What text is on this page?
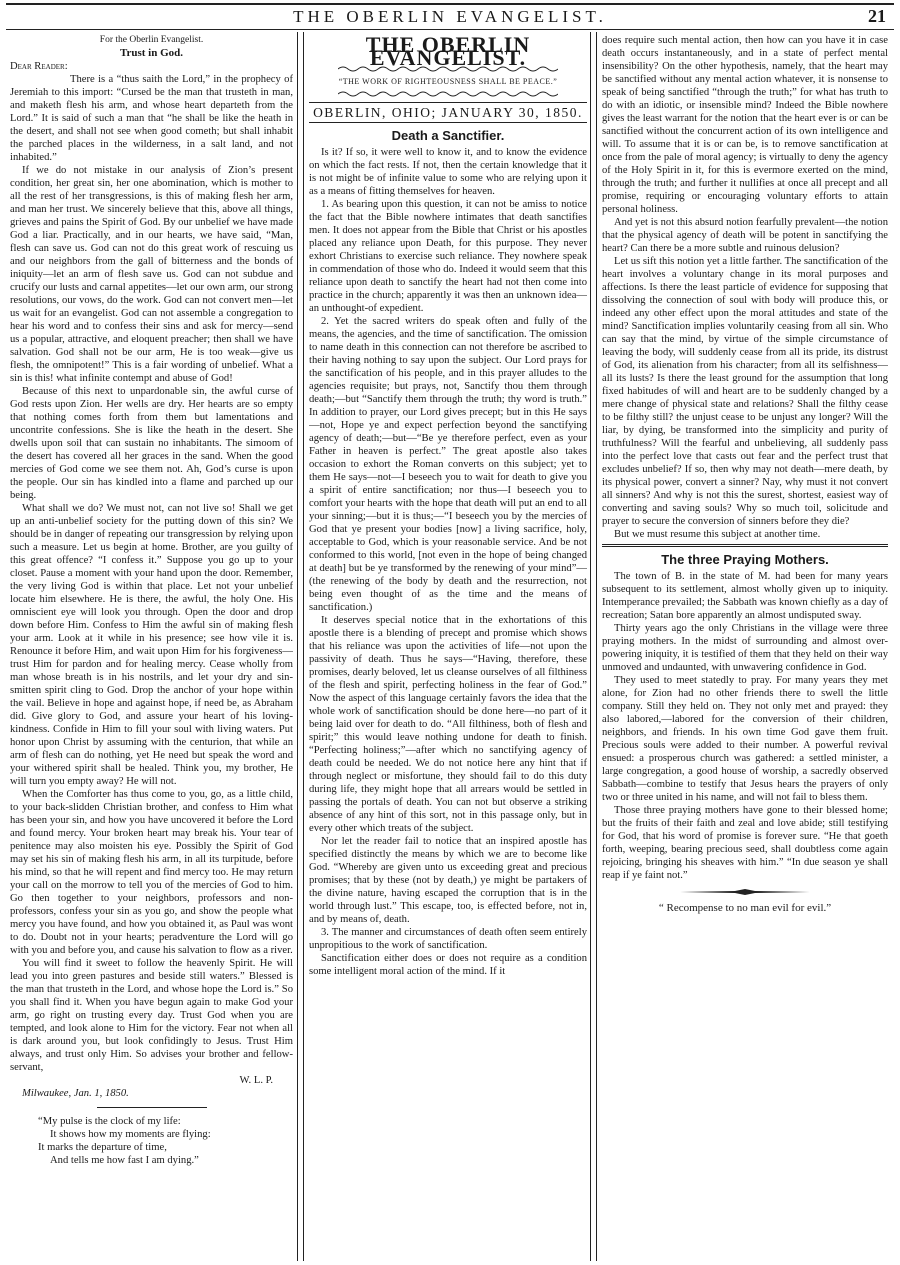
THE OBERLIN EVANGELIST.	21

For the Oberlin Evangelist.

Trust in God.

Dear Reader:

There is a “thus saith the Lord,” in the prophecy of Jeremiah to this import: “Cursed be the man that trusteth in man, and maketh flesh his arm, and whose heart departeth from the Lord.” It is said of such a man that “he shall be like the heath in the desert, and shall not see when good cometh; but shall inhabit the parched places in the wilderness, in a salt land, and not inhabited.”

If we do not mistake in our analysis of Zion’s present condition, her great sin, her one abomination, which is mother to all the rest of her transgressions, is this of making flesh her arm, and man her trust. We sincerely believe that this, above all things, grieves and pains the Spirit of God. By our unbelief we have made God a liar. Practically, and in our hearts, we have said, “Man, flesh can save us. God can not do this great work of rescuing us and our neighbors from the gall of bitterness and the bonds of iniquity—let an arm of flesh save us. God can not subdue and crucify our lusts and carnal appetites—let our own arm, our strong resolutions, our vows, do the work. God can not convert men—let us wait for an evangelist. God can not assemble a congregation to hear his word and to confess their sins and ask for mercy—send us a popular, attractive, and eloquent preacher; then shall we have salvation. God shall not be our arm, He is too weak—give us flesh, the omnipotent!” This is a fair wording of unbelief. What a sin is this! what infinite contempt and abuse of God!

Because of this next to unpardonable sin, the awful curse of God rests upon Zion. Her wells are dry. Her hearts are so empty that nothing comes forth from them but lamentations and uncontrite confessions. She is like the heath in the desert. She dwells upon soil that can sustain no inhabitants. The simoom of the desert has covered all her graces in the sand. When the good mercies of God come we see them not. Ah, God’s curse is upon the people. Our sin has kindled into a flame and parched up our being.

What shall we do? We must not, can not live so! Shall we get up an anti-unbelief society for the putting down of this sin? We should be in danger of repeating our transgression by relying upon such a measure. Let us begin at home. Brother, are you guilty of this great offence? “I confess it.” Suppose you go up to your closet. Pause a moment with your hand upon the door. Remember, the very living God is within that place. Let not your unbelief locate him elsewhere. He is there, the awful, the holy One. His omniscient eye will look you through. Open the door and drop down before Him. Confess to Him the awful sin of making flesh your arm. Look at it while in his presence; see how vile it is. Renounce it before Him, and wait upon Him for his forgiveness—trust Him for pardon and for healing mercy. Cease wholly from man whose breath is in his nostrils, and let your dry and sin-smitten spirit cling to God. Drop the anchor of your hope within the vail. Believe in hope and against hope, if need be, as Abraham did. Give glory to God, and assure your heart of his loving-kindness. Confide in Him to fill your soul with living waters. Put honor upon Christ by assuming with the centurion, that while an arm of flesh can do nothing, yet He need but speak the word and your withered spirit shall be healed. Think you, my brother, He will turn you empty away? He will not.

When the Comforter has thus come to you, go, as a little child, to your back-slidden Christian brother, and confess to Him what has been your sin, and how you have uncovered it before the Lord and found mercy. Your broken heart may break his. Your tear of penitence may also moisten his eye. Possibly the Spirit of God may set his sin of making flesh his arm, in all its turpitude, before his mind, so that he will repent and find mercy too. He may return your call on the morrow to tell you of the mercies of God to him. Go then together to your neighbors, professors and non-professors, confess your sin as you go, and show the people what mercy you have found, and how you obtained it, as Paul was wont to do. Doubt not in your hearts; peradventure the Lord will go with you and before you, and cause his salvation to flow as a river.

You will find it sweet to follow the heavenly Spirit. He will lead you into green pastures and beside still waters.” Blessed is the man that trusteth in the Lord, and whose hope the Lord is.” So you shall find it. When you have begun again to make God your arm, go right on trusting every day. Trust God when you are tempted, and look alone to Him for the victory. Fear not when all is dark around you, but look confidingly to Jesus. Trust Him always, and trust only Him. So advises your brother and fellow-servant,

W. L. P.

Milwaukee, Jan. 1, 1850.

“My pulse is the clock of my life:

It shows how my moments are flying:

It marks the departure of time,

And tells me how fast I am dying.”

THE OBERLIN EVANGELIST.
“THE WORK OF RIGHTEOUSNESS SHALL BE PEACE.”
OBERLIN, OHIO; JANUARY 30, 1850.
Death a Sanctifier.

Is it? If so, it were well to know it, and to know the evidence on which the fact rests. If not, then the certain knowledge that it is not might be of infinite value to some who are relying upon it as a means of fitting themselves for heaven.

1. As bearing upon this question, it can not be amiss to notice the fact that the Bible nowhere intimates that death sanctifies men. It does not appear from the Bible that Christ or his apostles placed any reliance upon Death, for this purpose. They never exhort Christians to exercise such reliance. They nowhere speak in commendation of those who do. Indeed it would seem that this reliance upon death to sanctify the heart had not then come into practice in the church; apparently it was then an unknown idea—an unthought-of expedient.

2. Yet the sacred writers do speak often and fully of the means, the agencies, and the time of sanctification. The omission to name death in this connection can not therefore be ascribed to their having nothing to say upon the subject. Our Lord prays for the sanctification of his people, and in this prayer alludes to the agencies requisite; but prays, not, Sanctify thou them through death;—but “Sanctify them through the truth; thy word is truth.” In addition to prayer, our Lord gives precept; but in this He says—not, Hope ye and expect perfection beyond the sanctifying agency of death;—but—“Be ye therefore perfect, even as your Father in heaven is perfect.” The great apostle also takes occasion to exhort the Roman converts on this subject; yet to them He says—not—I beseech you to wait for death to give you a spirit of entire sanctification; nor thus—I beseech you to comfort your hearts with the hope that death will put an end to all your sinning;—but it is thus;—“I beseech you by the mercies of God that ye present your bodies [now] a living sacrifice, holy, acceptable to God, which is your reasonable service. And be not conformed to this world, [not even in the hope of being changed at death] but be ye transformed by the renewing of your mind”—(the renewing of the body by death and the resurrection, not being even thought of as the time and the means of sanctification.)

It deserves special notice that in the exhortations of this apostle there is a blending of precept and promise which shows that his reliance was upon the activities of life—not upon the passivity of death. Thus he says—“Having, therefore, these promises, dearly beloved, let us cleanse ourselves of all filthiness of the flesh and spirit, perfecting holiness in the fear of God.” Now the aspect of this language certainly favors the idea that the whole work of sanctification should be done here—no part of it being laid over for death to do. “All filthiness, both of flesh and spirit;” this would leave nothing undone for death to finish. “Perfecting holiness;”—after which no sanctifying agency of death could be needed. We do not notice here any hint that if through neglect or misfortune, they should fail to do this duty during life, they might hope that all arrears would be settled in passing the portals of death. You can not but observe a striking absence of any hint of this sort, not in this passage only, but in every other which treats of the subject.

Nor let the reader fail to notice that an inspired apostle has specified distinctly the means by which we are to become like God. “Whereby are given unto us exceeding great and precious promises; that by these (not by death,) ye might be partakers of the divine nature, having escaped the corruption that is in the world through lust.” This escape, too, is effected before, not in, and by means of, death.

3. The manner and circumstances of death often seem entirely unpropitious to the work of sanctification.

Sanctification either does or does not require as a condition some intelligent moral action of the mind. If it

does require such mental action, then how can you have it in case death occurs instantaneously, and in a state of perfect mental insensibility? On the other hypothesis, namely, that the heart may be sanctified without any mental action whatever, it is nonsense to speak of being sanctified “through the truth;” for what has truth to do with an idiotic, or insensible mind? Indeed the Bible nowhere gives the least warrant for the notion that the heart ever is or can be sanctified without the concurrent action of its own intelligence and will. To assume that it is or can be, is to remove sanctification at once from the pale of moral agency; is virtually to deny the agency of the Holy Spirit in it, for this is evermore exerted on the mind, through the truth; and further it nullifies at once all precept and all promise, requiring or encouraging voluntary efforts to attain personal holiness.

And yet is not this absurd notion fearfully prevalent—the notion that the physical agency of death will be potent in sanctifying the heart? Can there be a more subtle and ruinous delusion?

Let us sift this notion yet a little farther. The sanctification of the heart involves a voluntary change in its moral purposes and affections. Is there the least particle of evidence for supposing that dissolving the connection of soul with body will produce this, or indeed any other effect upon the moral attitudes and state of the mind? Sanctification implies voluntarily ceasing from all sin. Who can say that the mind, by virtue of the simple circumstance of leaving the body, will suddenly cease from all its pride, its distrust of God, its alienation from his character; from all its selfishness—all its lusts? Is there the least ground for the assumption that long fixed habitudes of will and heart are to be suddenly changed by a mere change of physical state and relations? Shall the filthy cease to be filthy still? the unjust cease to be unjust any longer? Will the liar, by dying, be transformed into the simplicity and purity of truthfulness? Will the fearful and unbelieving, all suddenly pass into the perfect love that casts out fear and the perfect trust that excludes unbelief? If so, then why may not death—mere death, by its physical power, convert a sinner? Nay, why must it not convert all sinners? And why is not this the surest, shortest, easiest way of converting and saving souls? Why so much toil, solicitude and prayer to secure the conversion of sinners before they die?

But we must resume this subject at another time.

The three Praying Mothers.

The town of B. in the state of M. had been for many years subsequent to its settlement, almost wholly given up to iniquity. Intemperance prevailed; the Sabbath was known chiefly as a day of recreation; Satan bore apparently an almost undisputed sway.

Thirty years ago the only Christians in the village were three praying mothers. In the midst of surrounding and almost over-powering iniquity, it is testified of them that they held on their way unmoved and undaunted, with unwavering confidence in God.

They used to meet statedly to pray. For many years they met alone, for Zion had no other friends there to swell the little company. Still they held on. They not only met and prayed: they also labored,—labored for the conversion of their children, neighbors, and friends. In his own time God gave them fruit. Precious souls were added to their number. A powerful revival ensued: a prosperous church was gathered: a settled minister, a large congregation, a good house of worship, a sacredly observed Sabbath—combine to testify that Jesus hears the prayers of only two or three united in his name, and will not fail to bless them.

Those three praying mothers have gone to their blessed home; but the fruits of their faith and zeal and love abide; still testifying for God, that his word of promise is forever sure. “He that goeth forth, weeping, bearing precious seed, shall doubtless come again rejoicing, bringing his sheaves with him.” “In due season ye shall reap if ye faint not.”

“ Recompense to no man evil for evil.”
